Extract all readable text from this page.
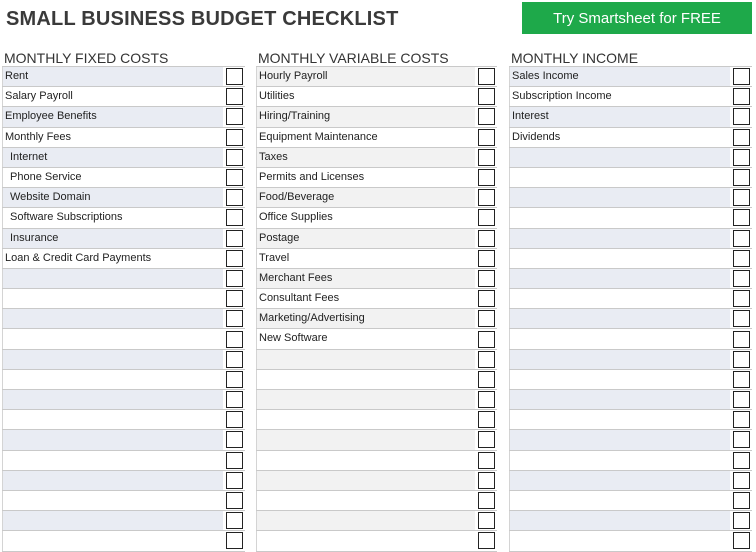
SMALL BUSINESS BUDGET CHECKLIST	Try Smartsheet for FREE
MONTHLY FIXED COSTS
Rent
Salary Payroll
Employee Benefits
Monthly Fees
Internet
Phone Service
Website Domain
Software Subscriptions
Insurance
Loan & Credit Card Payments
MONTHLY VARIABLE COSTS
Hourly Payroll
Utilities
Hiring/Training
Equipment Maintenance
Taxes
Permits and Licenses
Food/Beverage
Office Supplies
Postage
Travel
Merchant Fees
Consultant Fees
Marketing/Advertising
New Software
MONTHLY INCOME
Sales Income
Subscription Income
Interest
Dividends
